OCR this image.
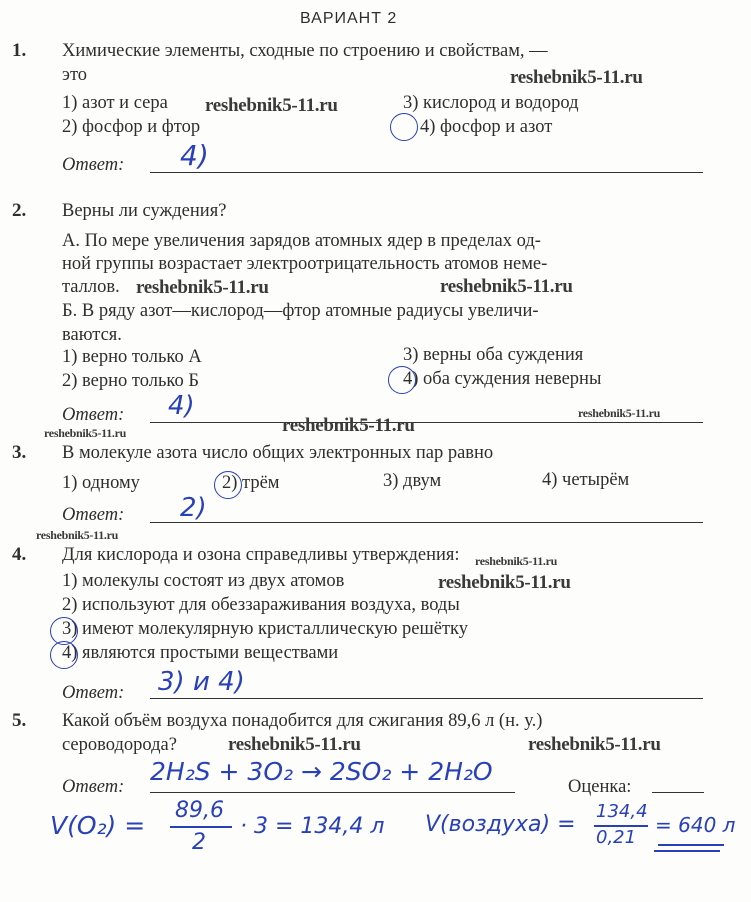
ВАРИАНТ 2
1. Химические элементы, сходные по строению и свойствам, —
это
1) азот и сера
2) фосфор и фтор
3) кислород и водород
4) фосфор и азот
Ответ: 4)
2. Верны ли суждения?
А. По мере увеличения зарядов атомных ядер в пределах од-
ной группы возрастает электроотрицательность атомов неме-
таллов.
Б. В ряду азот—кислород—фтор атомные радиусы увеличи-
ваются.
1) верно только А
2) верно только Б
3) верны оба суждения
4) оба суждения неверны
Ответ: 4)
3. В молекуле азота число общих электронных пар равно
1) одному	2) трём	3) двум	4) четырём
Ответ: 2)
4. Для кислорода и озона справедливы утверждения:
1) молекулы состоят из двух атомов
2) используют для обеззараживания воздуха, воды
3) имеют молекулярную кристаллическую решётку
4) являются простыми веществами
Ответ: 3) и 4)
5. Какой объём воздуха понадобится для сжигания 89,6 л (н. у.)
сероводорода?
Ответ:	Оценка:
2H₂S + 3O₂ → 2SO₂ + 2H₂O
V(O₂) =
89,6
2
· 3 = 134,4 л V(воздуха) =
134,4
0,21
= 640 л
reshebnik5-11.ru
reshebnik5-11.ru
reshebnik5-11.ru	reshebnik5-11.ru
reshebnik5-11.ru
reshebnik5-11.ru
reshebnik5-11.ru
reshebnik5-11.ru
reshebnik5-11.ru
reshebnik5-11.ru
reshebnik5-11.ru	reshebnik5-11.ru
